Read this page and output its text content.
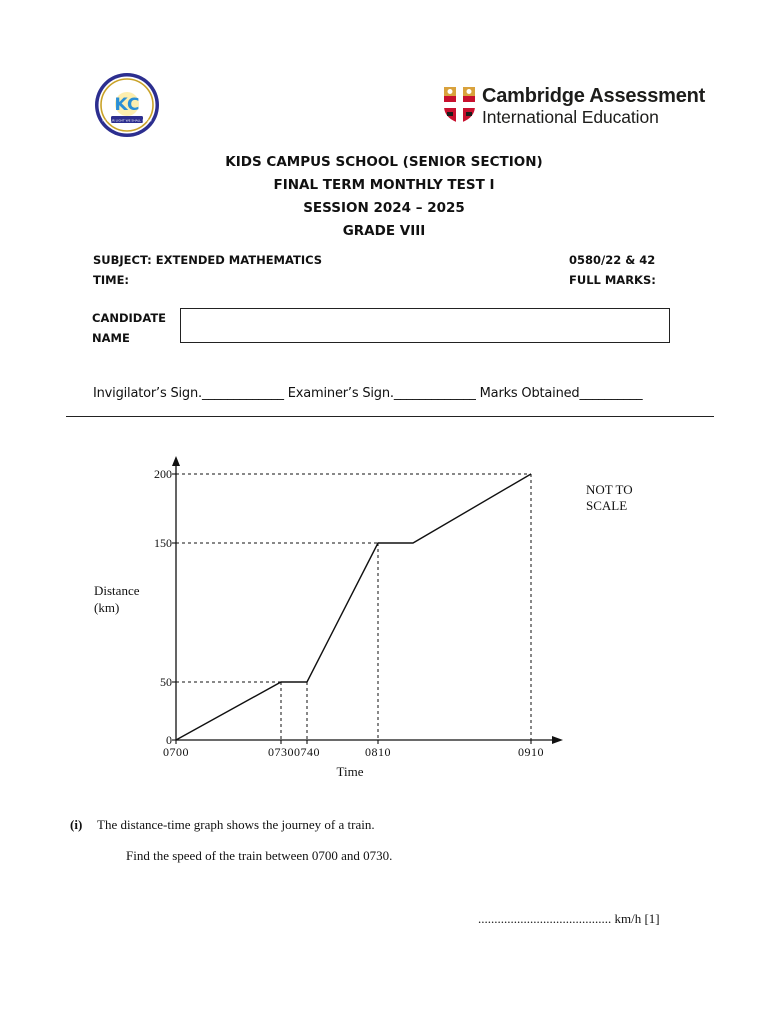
KC
IN YOUR LIGHT WE SHALL GROW
Cambridge Assessment
International Education
KIDS CAMPUS SCHOOL (SENIOR SECTION)
FINAL TERM MONTHLY TEST I
SESSION 2024 – 2025
GRADE VIII
SUBJECT: EXTENDED MATHEMATICS	0580/22 & 42
TIME:	FULL MARKS:
CANDIDATE
NAME
Invigilator’s Sign._____________ Examiner’s Sign._____________ Marks Obtained__________
0
50
150
200
0700	0730 0740	0810	0910
Distance
(km)
Time
NOT TO
SCALE
(i) The distance-time graph shows the journey of a train.
Find the speed of the train between 0700 and 0730.
......................................... km/h [1]
